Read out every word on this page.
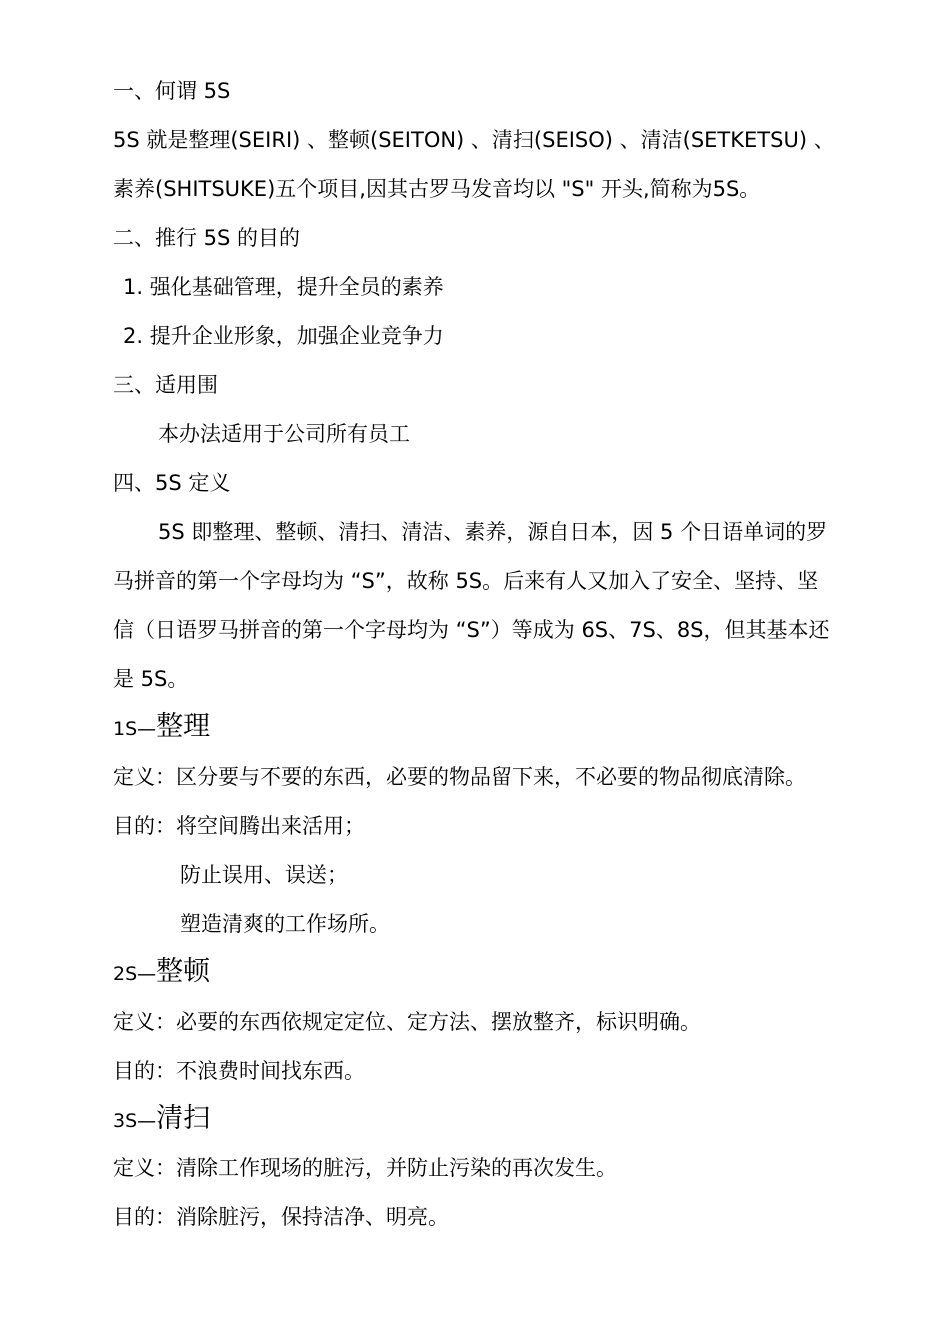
一、何谓 5S
5S 就是整理(SEIRI) 、整顿(SEITON) 、清扫(SEISO) 、清洁(SETKETSU) 、
素养(SHITSUKE)五个项目,因其古罗马发音均以 "S" 开头,简称为5S。
二、推行 5S 的目的
1. 强化基础管理，提升全员的素养
2. 提升企业形象，加强企业竞争力
三、适用围
本办法适用于公司所有员工
四、5S 定义
5S 即整理、整顿、清扫、清洁、素养，源自日本，因 5 个日语单词的罗
马拼音的第一个字母均为 “S”，故称 5S。后来有人又加入了安全、坚持、坚
信（日语罗马拼音的第一个字母均为 “S”）等成为 6S、7S、8S，但其基本还
是 5S。
1S—整理
定义：区分要与不要的东西，必要的物品留下来，不必要的物品彻底清除。
目的：将空间腾出来活用；
防止误用、误送；
塑造清爽的工作场所。
2S—整顿
定义：必要的东西依规定定位、定方法、摆放整齐，标识明确。
目的：不浪费时间找东西。
3S—清扫
定义：清除工作现场的脏污，并防止污染的再次发生。
目的：消除脏污，保持洁净、明亮。
